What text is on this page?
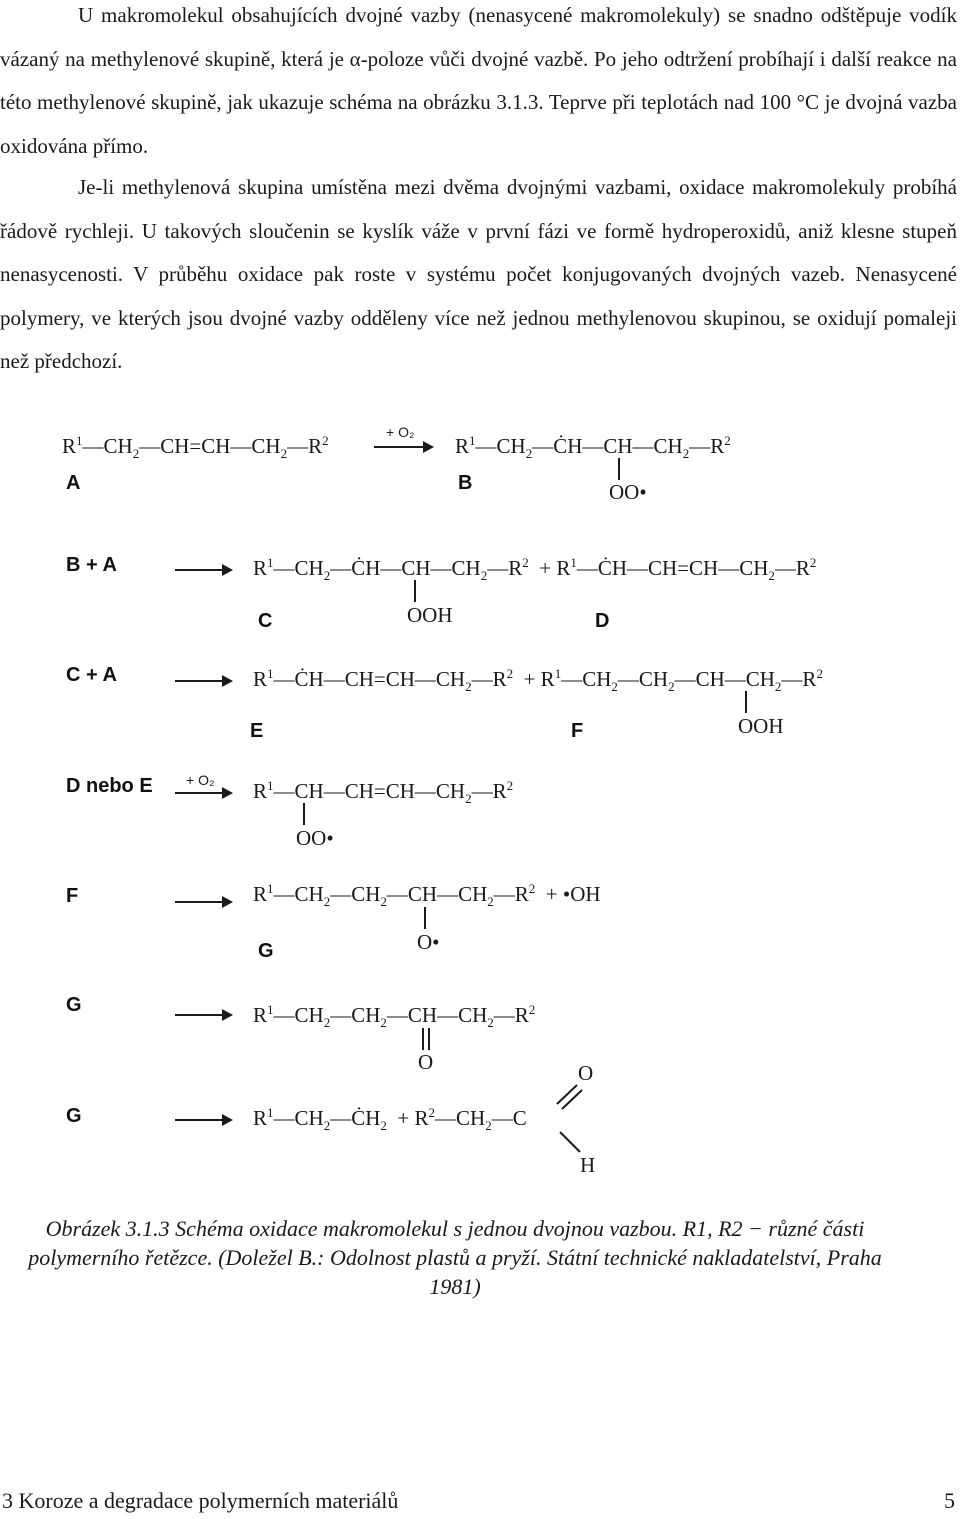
U makromolekul obsahujících dvojné vazby (nenasycené makromolekuly) se snadno odštěpuje vodík vázaný na methylenové skupině, která je α-poloze vůči dvojné vazbě. Po jeho odtržení probíhají i další reakce na této methylenové skupině, jak ukazuje schéma na obrázku 3.1.3. Teprve při teplotách nad 100 °C je dvojná vazba oxidována přímo.
Je-li methylenová skupina umístěna mezi dvěma dvojnými vazbami, oxidace makromolekuly probíhá řádově rychleji. U takových sloučenin se kyslík váže v první fázi ve formě hydroperoxidů, aniž klesne stupeň nenasycenosti. V průběhu oxidace pak roste v systému počet konjugovaných dvojných vazeb. Nenasycené polymery, ve kterých jsou dvojné vazby odděleny více než jednou methylenovou skupinou, se oxidují pomaleji než předchozí.
$R^1—CH_2—CH=CH—CH_2—R^2$
+ O₂
$R^1—CH_2—ĊH—CH—CH_2—R^2$
OO•
A	B
B + A	$R^1—CH_2—ĊH—CH—CH_2—R^2$  + $R^1—ĊH—CH=CH—CH_2—R^2$
OOH
C	D
C + A	$R^1—ĊH—CH=CH—CH_2—R^2$  + $R^1—CH_2—CH_2—CH—CH_2—R^2$
OOH
E	F
D nebo E + O₂ $R^1—CH—CH=CH—CH_2—R^2$
OO•
F	$R^1—CH_2—CH_2—CH—CH_2—R^2$  + •OH
O•
G
G	$R^1—CH_2—CH_2—CH—CH_2—R^2$
O
G	$R^1—CH_2—ĊH_2$  + $R^2—CH_2—C$
O
H
Obrázek 3.1.3 Schéma oxidace makromolekul s jednou dvojnou vazbou. R1, R2 − různé části polymerního řetězce. (Doležel B.: Odolnost plastů a pryží. Státní technické nakladatelství, Praha 1981)
3 Koroze a degradace polymerních materiálů	5
